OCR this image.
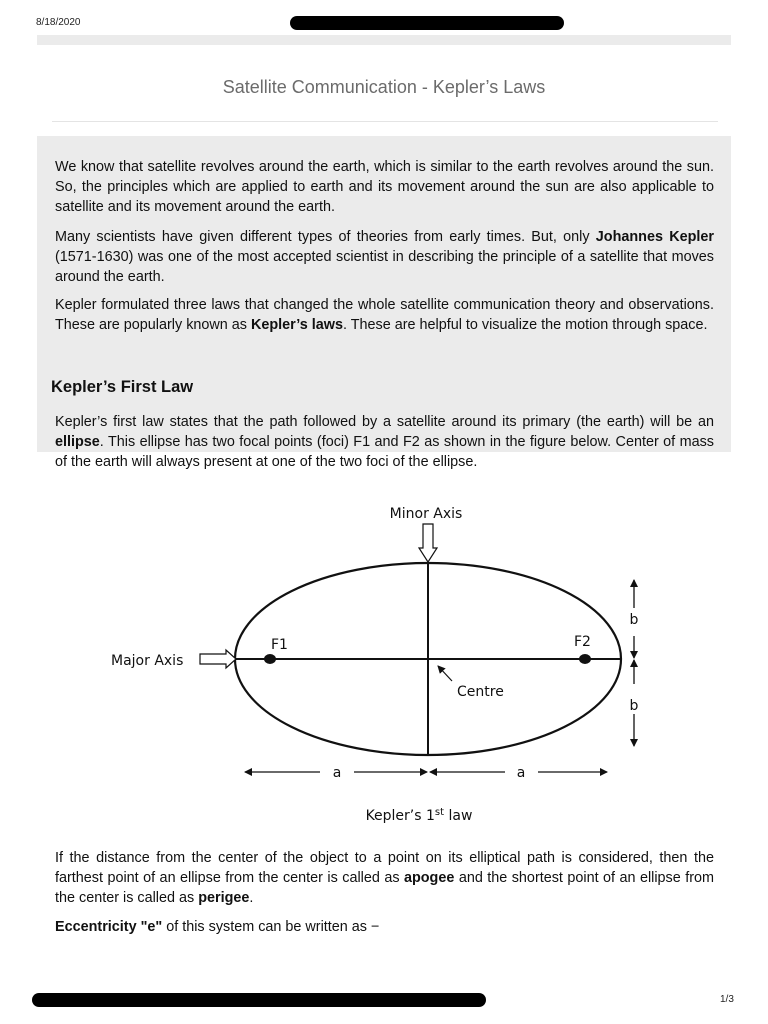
8/18/2020
Satellite Communication - Kepler’s Laws

We know that satellite revolves around the earth, which is similar to the earth revolves around the sun. So, the principles which are applied to earth and its movement around the sun are also applicable to satellite and its movement around the earth.

Many scientists have given different types of theories from early times. But, only Johannes Kepler (1571-1630) was one of the most accepted scientist in describing the principle of a satellite that moves around the earth.

Kepler formulated three laws that changed the whole satellite communication theory and observations. These are popularly known as Kepler’s laws. These are helpful to visualize the motion through space.

Kepler’s First Law

Kepler’s first law states that the path followed by a satellite around its primary (the earth) will be an ellipse. This ellipse has two focal points (foci) F1 and F2 as shown in the figure below. Center of mass of the earth will always present at one of the two foci of the ellipse.

Minor Axis
Major Axis
F1	F2
Centre
b
b
a	a
Kepler’s 1st law

If the distance from the center of the object to a point on its elliptical path is considered, then the farthest point of an ellipse from the center is called as apogee and the shortest point of an ellipse from the center is called as perigee.

Eccentricity "e" of this system can be written as −

1/3
